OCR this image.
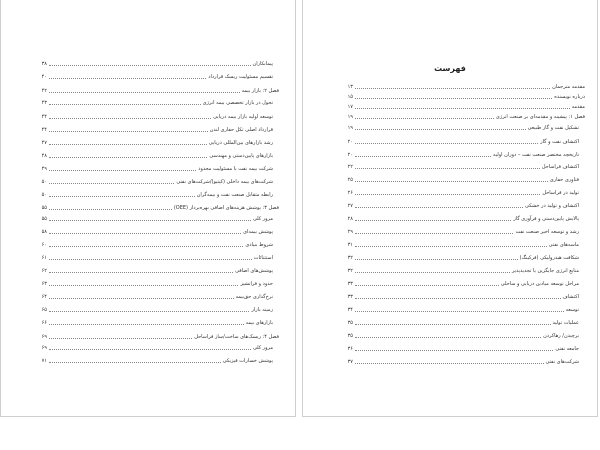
۳۸	پیمانکاران
۴۰	تقسیم مسئولیت ریسک قرارداد
۴۲	فصل ۲: بازار بیمه
۴۳	تحول در بازار تخصصی بیمه انرژی
۴۴	توسعه اولیه بازار بیمه دریایی
۴۴	قرارداد اصلی تکل حفاری لندن
۴۷	رشد بازارهای بین‌المللی دریایی
۴۸	بازارهای پایین‌دستی و مهندسی
۴۹	شرکت بیمه نفت با مسئولیت محدود
۵۰	شرکت‌های بیمه داخلی (کپتیو)/شرکت‌های نفتی
۵۰	رابطه متقابل صنعت نفت و بیمه‌گران
۵۵	فصل ۳: پوشش هزینه‌های اضافی بهره‌بردار (OEE)
۵۵	مرور کلی
۵۸	پوشش بیمه‌ای
۶۰	شروط بنیادی
۶۱	استثنائات
۶۲	پوشش‌های اضافی
۶۳	حدود و فرانشیز
۶۴	نرخ‌گذاری حق‌بیمه
۶۵	زمینه بازار
۶۶	بازارهای بیمه
۶۹	فصل ۴: ریسک‌های ساخت/ساز فراساحل
۶۹	مرور کلی
۷۱	پوشش خسارات فیزیکی
فهرست
۱۳	مقدمه مترجمان
۱۵	درباره نویسنده
۱۷	مقدمه
۱۹	فصل ۱: پیشینه و مقدمه‌ای بر صنعت انرژی
۱۹	تشکیل نفت و گاز طبیعی
۲۰	اکتشاف نفت و گاز
۲۰	تاریخچه مختصر صنعت نفت – دوران اولیه
۲۲	اکتشاف فراساحل
۲۵	فناوری حفاری
۲۶	تولید در فراساحل
۲۷	اکتشاف و تولید در خشکی
۲۸	پالایش پایین‌دستی و فرآوری گاز
۲۹	رشد و توسعه اخیر صنعت نفت
۳۱	ماسه‌های نفتی
۳۲	شکافت هیدرولیکی (فرکینگ)
۳۲	منابع انرژی جایگزین یا تجدیدپذیر
۳۳	مراحل توسعه میادین دریایی و ساحلی
۳۳	اکتشاف
۳۴	توسعه
۳۵	عملیات تولید
۳۵	برچیدن/ رهاکردن
۳۶	جامعه نفتی
۳۷	شرکت‌های نفتی
